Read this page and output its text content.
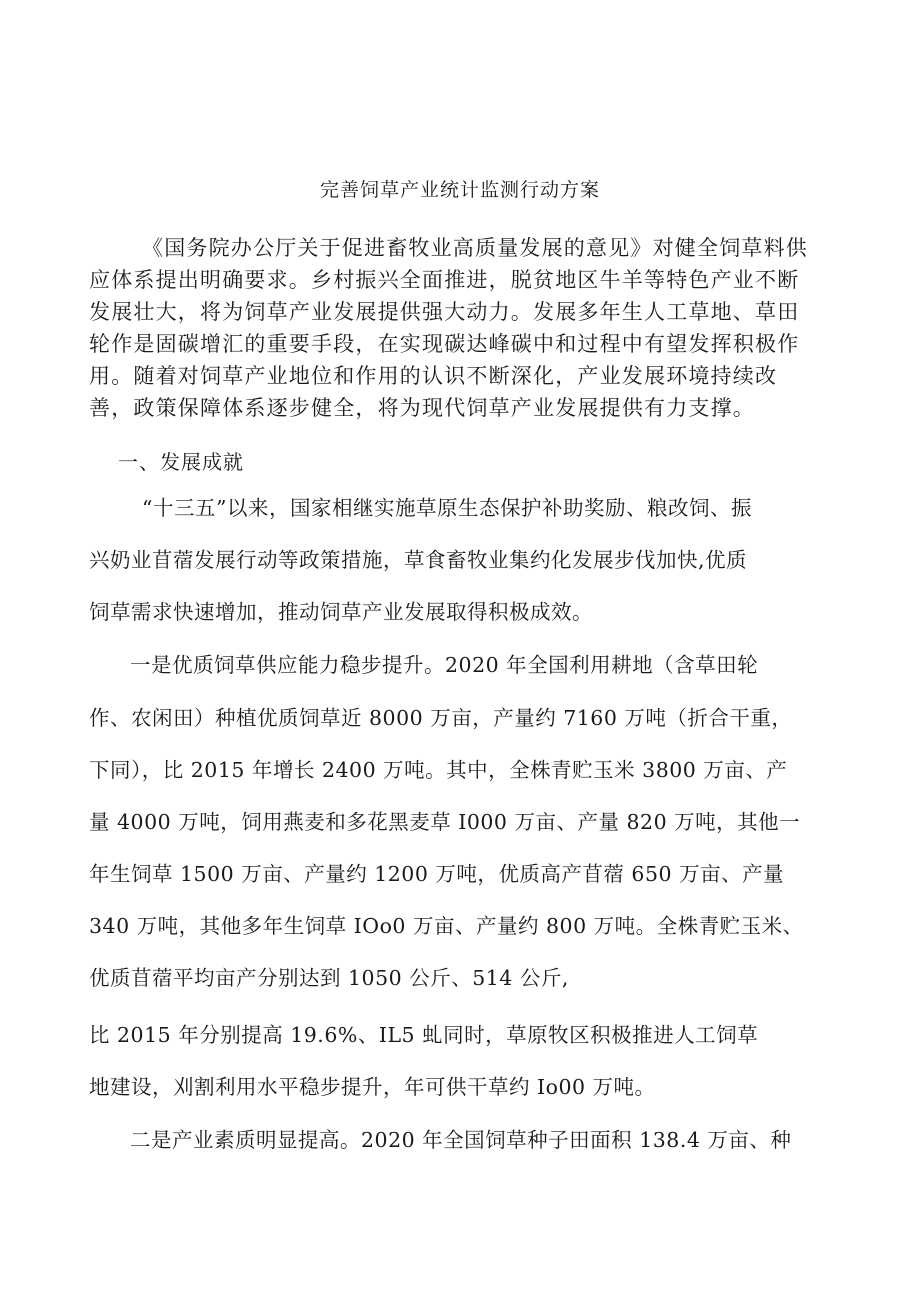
完善饲草产业统计监测行动方案
《国务院办公厅关于促进畜牧业高质量发展的意见》对健全饲草料供
应体系提出明确要求。乡村振兴全面推进，脱贫地区牛羊等特色产业不断
发展壮大，将为饲草产业发展提供强大动力。发展多年生人工草地、草田
轮作是固碳增汇的重要手段，在实现碳达峰碳中和过程中有望发挥积极作
用。随着对饲草产业地位和作用的认识不断深化，产业发展环境持续改
善，政策保障体系逐步健全，将为现代饲草产业发展提供有力支撑。
一、发展成就
“十三五”以来，国家相继实施草原生态保护补助奖励、粮改饲、振
兴奶业苜蓿发展行动等政策措施，草食畜牧业集约化发展步伐加快,优质
饲草需求快速增加，推动饲草产业发展取得积极成效。
一是优质饲草供应能力稳步提升。2020 年全国利用耕地（含草田轮
作、农闲田）种植优质饲草近 8000 万亩，产量约 7160 万吨（折合干重，
下同），比 2015 年增长 2400 万吨。其中，全株青贮玉米 3800 万亩、产
量 4000 万吨，饲用燕麦和多花黑麦草 I000 万亩、产量 820 万吨，其他一
年生饲草 1500 万亩、产量约 1200 万吨，优质高产苜蓿 650 万亩、产量
340 万吨，其他多年生饲草 IOo0 万亩、产量约 800 万吨。全株青贮玉米、
优质苜蓿平均亩产分别达到 1050 公斤、514 公斤,
比 2015 年分别提高 19.6%、IL5 虬同时，草原牧区积极推进人工饲草
地建设，刈割利用水平稳步提升，年可供干草约 Io00 万吨。
二是产业素质明显提高。2020 年全国饲草种子田面积 138.4 万亩、种
